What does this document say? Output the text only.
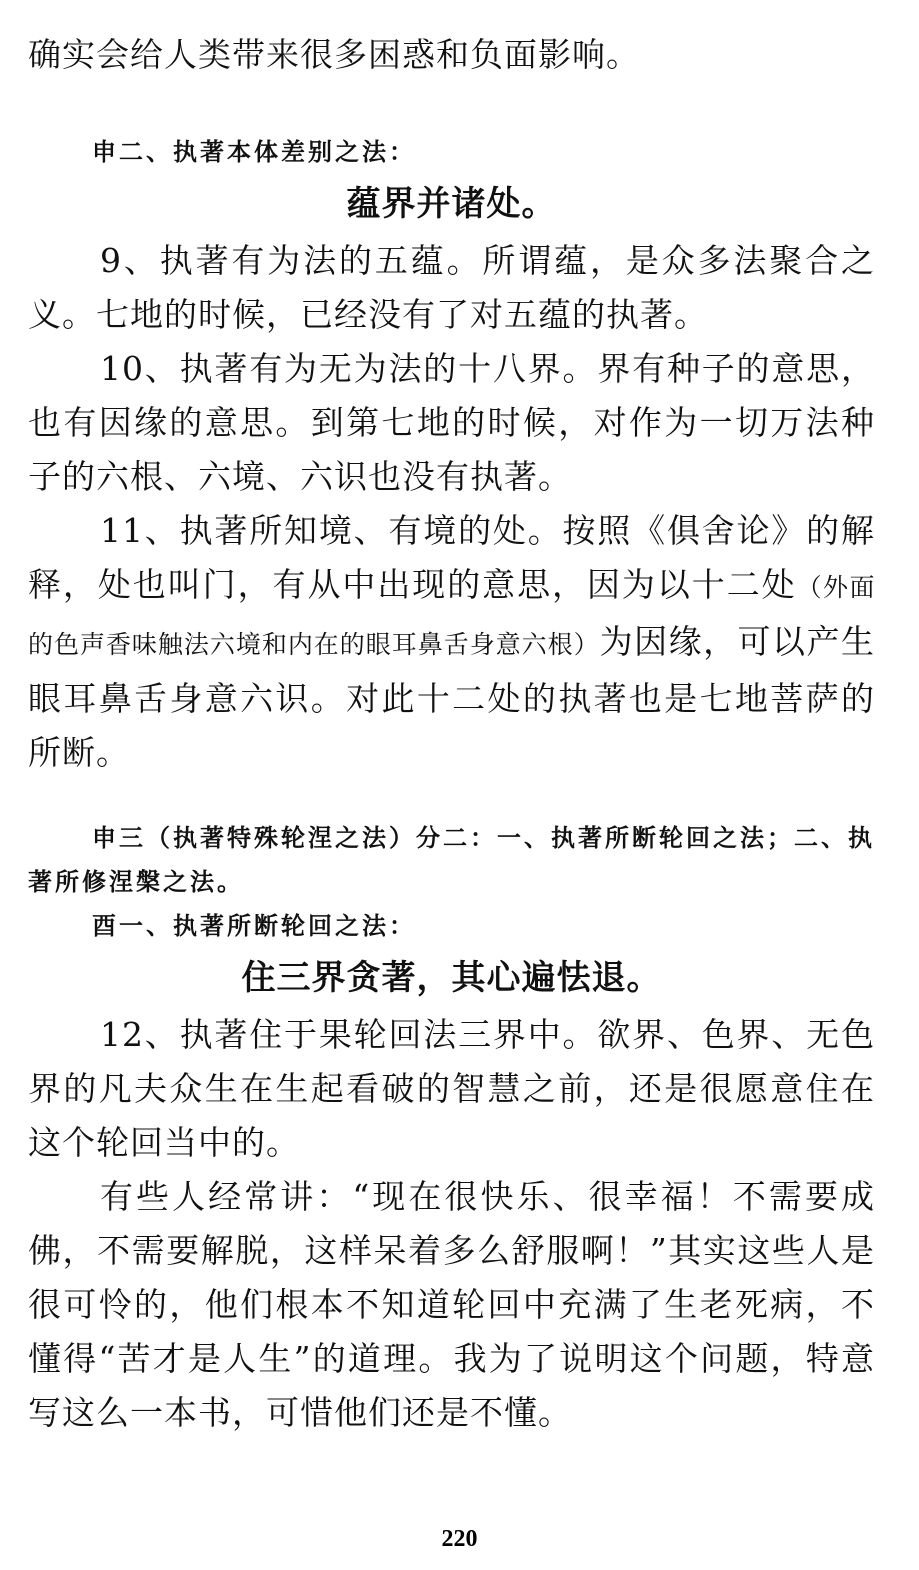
确实会给人类带来很多困惑和负面影响。

申二、执著本体差别之法：

蕴界并诸处。

9、执著有为法的五蕴。所谓蕴，是众多法聚合之义。七地的时候，已经没有了对五蕴的执著。

10、执著有为无为法的十八界。界有种子的意思，也有因缘的意思。到第七地的时候，对作为一切万法种子的六根、六境、六识也没有执著。

11、执著所知境、有境的处。按照《俱舍论》的解释，处也叫门，有从中出现的意思，因为以十二处（外面的色声香味触法六境和内在的眼耳鼻舌身意六根）为因缘，可以产生眼耳鼻舌身意六识。对此十二处的执著也是七地菩萨的所断。

申三（执著特殊轮涅之法）分二：一、执著所断轮回之法；二、执著所修涅槃之法。

酉一、执著所断轮回之法：

住三界贪著，其心遍怯退。

12、执著住于果轮回法三界中。欲界、色界、无色界的凡夫众生在生起看破的智慧之前，还是很愿意住在这个轮回当中的。

有些人经常讲：“现在很快乐、很幸福！不需要成佛，不需要解脱，这样呆着多么舒服啊！”其实这些人是很可怜的，他们根本不知道轮回中充满了生老死病，不懂得“苦才是人生”的道理。我为了说明这个问题，特意写这么一本书，可惜他们还是不懂。

220
